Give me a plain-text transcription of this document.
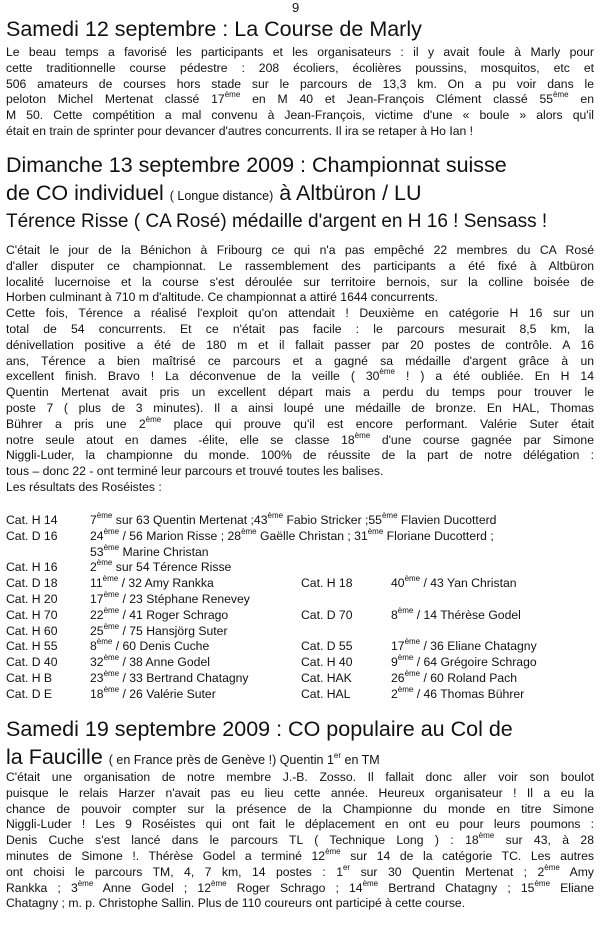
9
Samedi 12 septembre : La Course de Marly
Le beau temps a favorisé les participants et les organisateurs : il y avait foule à Marly pour
cette traditionnelle course pédestre : 208 écoliers, écolières poussins, mosquitos, etc et
506 amateurs de courses hors stade sur le parcours de 13,3 km. On a pu voir dans le
peloton Michel Mertenat classé 17ème en M 40 et Jean-François Clément classé 55ème en
M 50. Cette compétition a mal convenu à Jean-François, victime d'une « boule » alors qu'il
était en train de sprinter pour devancer d'autres concurrents. Il ira se retaper à Ho Ian !
Dimanche 13 septembre 2009 : Championnat suisse
de CO individuel ( Longue distance) à Altbüron / LU
Térence Risse ( CA Rosé) médaille d'argent en H 16 ! Sensass !
C'était le jour de la Bénichon à Fribourg ce qui n'a pas empêché 22 membres du CA Rosé
d'aller disputer ce championnat. Le rassemblement des participants a été fixé à Altbüron
localité lucernoise et la course s'est déroulée sur territoire bernois, sur la colline boisée de
Horben culminant à 710 m d'altitude. Ce championnat a attiré 1644 concurrents.
Cette fois, Térence a réalisé l'exploit qu'on attendait ! Deuxième en catégorie H 16 sur un
total de 54 concurrents. Et ce n'était pas facile : le parcours mesurait 8,5 km, la
dénivellation positive a été de 180 m et il fallait passer par 20 postes de contrôle. A 16
ans, Térence a bien maîtrisé ce parcours et a gagné sa médaille d'argent grâce à un
excellent finish. Bravo ! La déconvenue de la veille ( 30ème ! ) a été oubliée. En H 14
Quentin Mertenat avait pris un excellent départ mais a perdu du temps pour trouver le
poste 7 ( plus de 3 minutes). Il a ainsi loupé une médaille de bronze. En HAL, Thomas
Bührer a pris une 2ème place qui prouve qu'il est encore performant. Valérie Suter était
notre seule atout en dames -élite, elle se classe 18ème d'une course gagnée par Simone
Niggli-Luder, la championne du monde. 100% de réussite de la part de notre délégation :
tous – donc 22 - ont terminé leur parcours et trouvé toutes les balises.
Les résultats des Roséistes :
Cat. H 14	7ème sur 63 Quentin Mertenat ;43ème Fabio Stricker ;55ème Flavien Ducotterd
Cat. D 16	24ème / 56 Marion Risse ; 28ème Gaëlle Christan ; 31ème Floriane Ducotterd ;
53ème Marine Christan
Cat. H 16	2ème sur 54 Térence Risse
Cat. D 18	11ème / 32 Amy Rankka	Cat. H 18	40ème / 43 Yan Christan
Cat. H 20	17ème / 23 Stéphane Renevey
Cat. H 70	22ème / 41 Roger Schrago	Cat. D 70	8ème / 14 Thérèse Godel
Cat. H 60	25ème / 75 Hansjörg Suter
Cat. H 55	8ème / 60 Denis Cuche	Cat. D 55	17ème / 36 Eliane Chatagny
Cat. D 40	32ème / 38 Anne Godel	Cat. H 40	9ème / 64 Grégoire Schrago
Cat. H B	23ème / 33 Bertrand Chatagny	Cat. HAK	26ème / 60 Roland Pach
Cat. D E	18ème / 26 Valérie Suter	Cat. HAL	2ème / 46 Thomas Bührer
Samedi 19 septembre 2009 : CO populaire au Col de
la Faucille ( en France près de Genève !) Quentin 1er en TM
C'était une organisation de notre membre J.-B. Zosso. Il fallait donc aller voir son boulot
puisque le relais Harzer n'avait pas eu lieu cette année. Heureux organisateur ! Il a eu la
chance de pouvoir compter sur la présence de la Championne du monde en titre Simone
Niggli-Luder ! Les 9 Roséistes qui ont fait le déplacement en ont eu pour leurs poumons :
Denis Cuche s'est lancé dans le parcours TL ( Technique Long ) : 18ème sur 43, à 28
minutes de Simone !. Thérèse Godel a terminé 12ème sur 14 de la catégorie TC. Les autres
ont choisi le parcours TM, 4, 7 km, 14 postes : 1er sur 30 Quentin Mertenat ; 2ème Amy
Rankka ; 3ème Anne Godel ; 12ème Roger Schrago ; 14ème Bertrand Chatagny ; 15ème Eliane
Chatagny ; m. p. Christophe Sallin. Plus de 110 coureurs ont participé à cette course.
